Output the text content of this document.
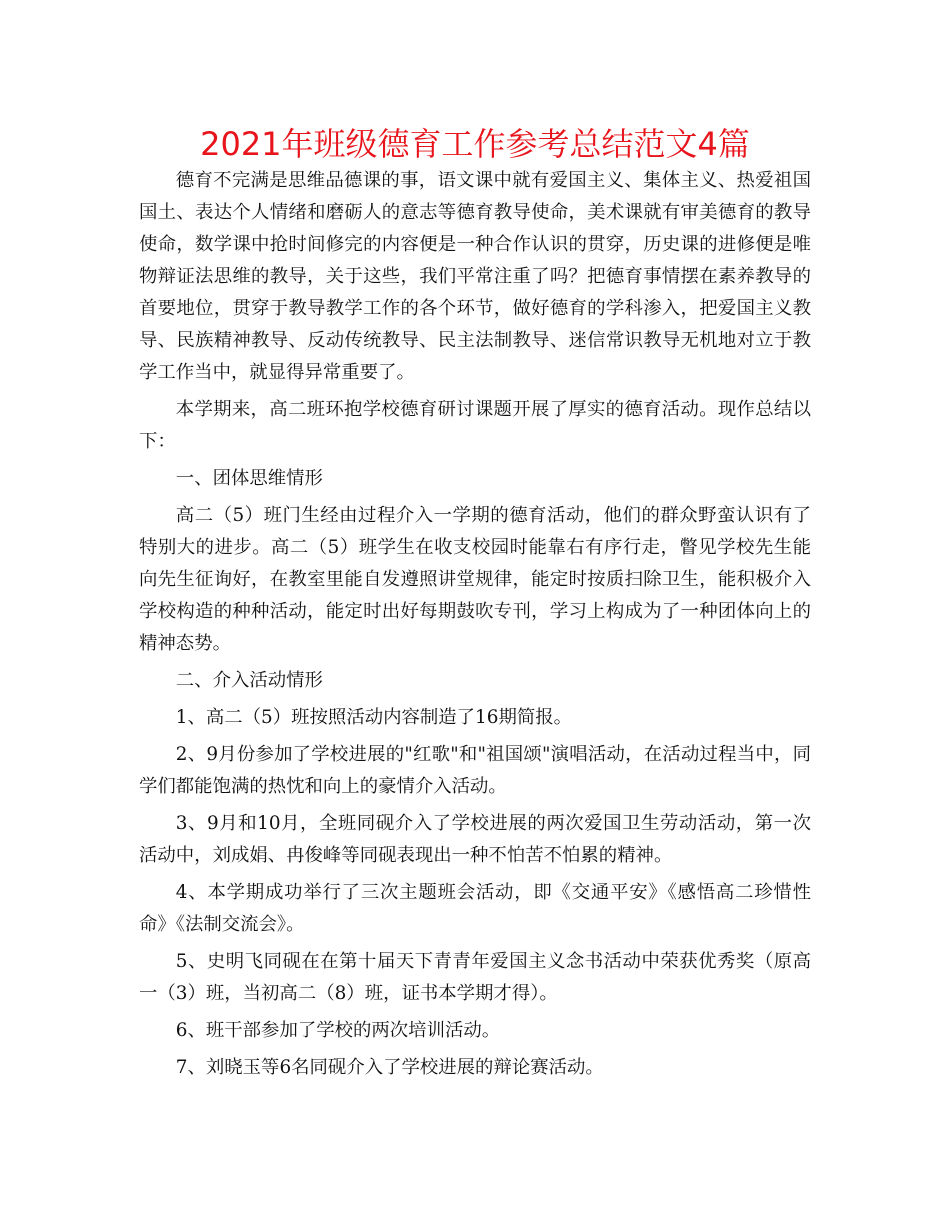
2021年班级德育工作参考总结范文4篇

德育不完满是思维品德课的事，语文课中就有爱国主义、集体主义、热爱祖国国土、表达个人情绪和磨砺人的意志等德育教导使命，美术课就有审美德育的教导使命，数学课中抢时间修完的内容便是一种合作认识的贯穿，历史课的进修便是唯物辩证法思维的教导，关于这些，我们平常注重了吗？把德育事情摆在素养教导的首要地位，贯穿于教导教学工作的各个环节，做好德育的学科渗入，把爱国主义教导、民族精神教导、反动传统教导、民主法制教导、迷信常识教导无机地对立于教学工作当中，就显得异常重要了。

本学期来，高二班环抱学校德育研讨课题开展了厚实的德育活动。现作总结以下：

一、团体思维情形

高二（5）班门生经由过程介入一学期的德育活动，他们的群众野蛮认识有了特别大的进步。高二（5）班学生在收支校园时能靠右有序行走，瞥见学校先生能向先生征询好，在教室里能自发遵照讲堂规律，能定时按质扫除卫生，能积极介入学校构造的种种活动，能定时出好每期鼓吹专刊，学习上构成为了一种团体向上的精神态势。

二、介入活动情形

1、高二（5）班按照活动内容制造了16期简报。

2、9月份参加了学校进展的"红歌"和"祖国颂"演唱活动，在活动过程当中，同学们都能饱满的热忱和向上的豪情介入活动。

3、9月和10月，全班同砚介入了学校进展的两次爱国卫生劳动活动，第一次活动中，刘成娟、冉俊峰等同砚表现出一种不怕苦不怕累的精神。

4、本学期成功举行了三次主题班会活动，即《交通平安》《感悟高二珍惜性命》《法制交流会》。

5、史明飞同砚在在第十届天下青青年爱国主义念书活动中荣获优秀奖（原高一（3）班，当初高二（8）班，证书本学期才得）。

6、班干部参加了学校的两次培训活动。

7、刘晓玉等6名同砚介入了学校进展的辩论赛活动。
